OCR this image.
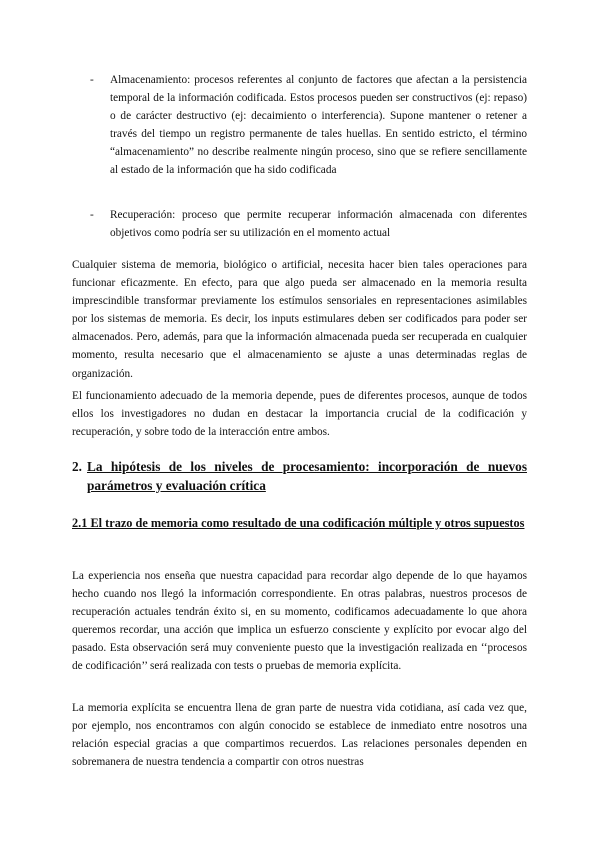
- Almacenamiento: procesos referentes al conjunto de factores que afectan a la persistencia temporal de la información codificada. Estos procesos pueden ser constructivos (ej: repaso) o de carácter destructivo (ej: decaimiento o interferencia). Supone mantener o retener a través del tiempo un registro permanente de tales huellas. En sentido estricto, el término “almacenamiento” no describe realmente ningún proceso, sino que se refiere sencillamente al estado de la información que ha sido codificada

- Recuperación: proceso que permite recuperar información almacenada con diferentes objetivos como podría ser su utilización en el momento actual

Cualquier sistema de memoria, biológico o artificial, necesita hacer bien tales operaciones para funcionar eficazmente. En efecto, para que algo pueda ser almacenado en la memoria resulta imprescindible transformar previamente los estímulos sensoriales en representaciones asimilables por los sistemas de memoria. Es decir, los inputs estimulares deben ser codificados para poder ser almacenados. Pero, además, para que la información almacenada pueda ser recuperada en cualquier momento, resulta necesario que el almacenamiento se ajuste a unas determinadas reglas de organización.

El funcionamiento adecuado de la memoria depende, pues de diferentes procesos, aunque de todos ellos los investigadores no dudan en destacar la importancia crucial de la codificación y recuperación, y sobre todo de la interacción entre ambos.

2. La hipótesis de los niveles de procesamiento: incorporación de nuevos parámetros y evaluación crítica

2.1 El trazo de memoria como resultado de una codificación múltiple y otros supuestos

La experiencia nos enseña que nuestra capacidad para recordar algo depende de lo que hayamos hecho cuando nos llegó la información correspondiente. En otras palabras, nuestros procesos de recuperación actuales tendrán éxito si, en su momento, codificamos adecuadamente lo que ahora queremos recordar, una acción que implica un esfuerzo consciente y explícito por evocar algo del pasado. Esta observación será muy conveniente puesto que la investigación realizada en ‘‘procesos de codificación’’ será realizada con tests o pruebas de memoria explícita.

La memoria explícita se encuentra llena de gran parte de nuestra vida cotidiana, así cada vez que, por ejemplo, nos encontramos con algún conocido se establece de inmediato entre nosotros una relación especial gracias a que compartimos recuerdos. Las relaciones personales dependen en sobremanera de nuestra tendencia a compartir con otros nuestras
